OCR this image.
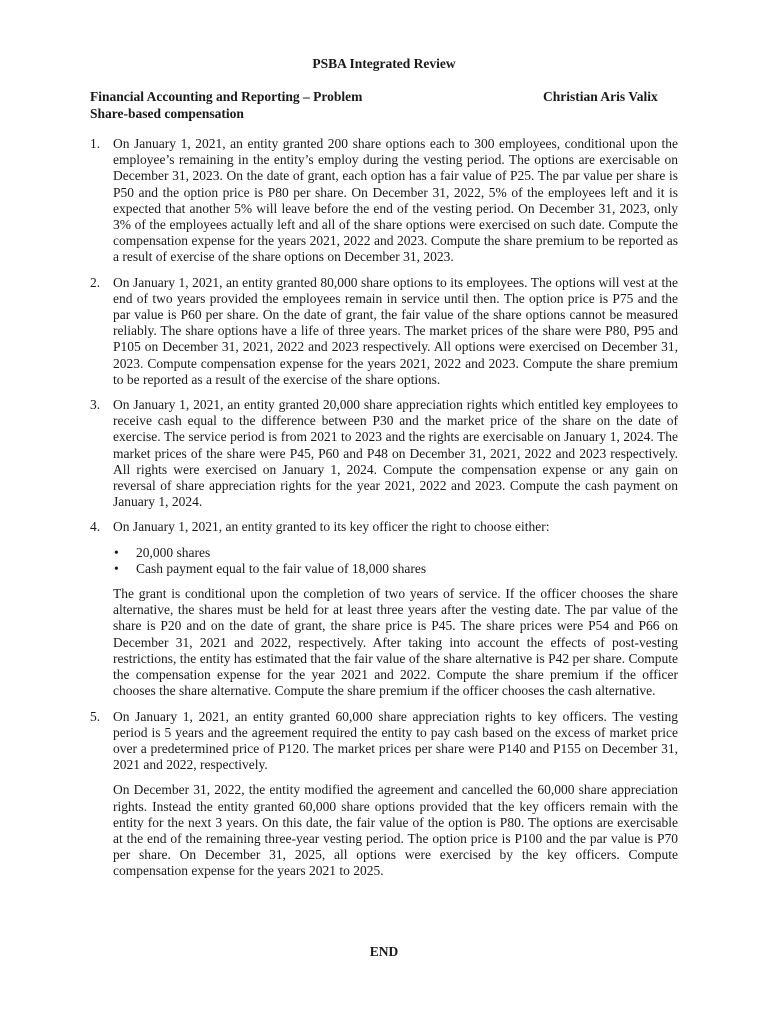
PSBA Integrated Review
Financial Accounting and Reporting – Problem
Share-based compensation
Christian Aris Valix
1. On January 1, 2021, an entity granted 200 share options each to 300 employees, conditional upon the employee’s remaining in the entity’s employ during the vesting period. The options are exercisable on December 31, 2023. On the date of grant, each option has a fair value of P25. The par value per share is P50 and the option price is P80 per share. On December 31, 2022, 5% of the employees left and it is expected that another 5% will leave before the end of the vesting period. On December 31, 2023, only 3% of the employees actually left and all of the share options were exercised on such date. Compute the compensation expense for the years 2021, 2022 and 2023. Compute the share premium to be reported as a result of exercise of the share options on December 31, 2023.

2. On January 1, 2021, an entity granted 80,000 share options to its employees. The options will vest at the end of two years provided the employees remain in service until then. The option price is P75 and the par value is P60 per share. On the date of grant, the fair value of the share options cannot be measured reliably. The share options have a life of three years. The market prices of the share were P80, P95 and P105 on December 31, 2021, 2022 and 2023 respectively. All options were exercised on December 31, 2023. Compute compensation expense for the years 2021, 2022 and 2023. Compute the share premium to be reported as a result of the exercise of the share options.

3. On January 1, 2021, an entity granted 20,000 share appreciation rights which entitled key employees to receive cash equal to the difference between P30 and the market price of the share on the date of exercise. The service period is from 2021 to 2023 and the rights are exercisable on January 1, 2024. The market prices of the share were P45, P60 and P48 on December 31, 2021, 2022 and 2023 respectively. All rights were exercised on January 1, 2024. Compute the compensation expense or any gain on reversal of share appreciation rights for the year 2021, 2022 and 2023. Compute the cash payment on January 1, 2024.

4. On January 1, 2021, an entity granted to its key officer the right to choose either:

• 20,000 shares
• Cash payment equal to the fair value of 18,000 shares

The grant is conditional upon the completion of two years of service. If the officer chooses the share alternative, the shares must be held for at least three years after the vesting date. The par value of the share is P20 and on the date of grant, the share price is P45. The share prices were P54 and P66 on December 31, 2021 and 2022, respectively. After taking into account the effects of post-vesting restrictions, the entity has estimated that the fair value of the share alternative is P42 per share. Compute the compensation expense for the year 2021 and 2022. Compute the share premium if the officer chooses the share alternative. Compute the share premium if the officer chooses the cash alternative.

5. On January 1, 2021, an entity granted 60,000 share appreciation rights to key officers. The vesting period is 5 years and the agreement required the entity to pay cash based on the excess of market price over a predetermined price of P120. The market prices per share were P140 and P155 on December 31, 2021 and 2022, respectively.

On December 31, 2022, the entity modified the agreement and cancelled the 60,000 share appreciation rights. Instead the entity granted 60,000 share options provided that the key officers remain with the entity for the next 3 years. On this date, the fair value of the option is P80. The options are exercisable at the end of the remaining three-year vesting period. The option price is P100 and the par value is P70 per share. On December 31, 2025, all options were exercised by the key officers. Compute compensation expense for the years 2021 to 2025.

END
